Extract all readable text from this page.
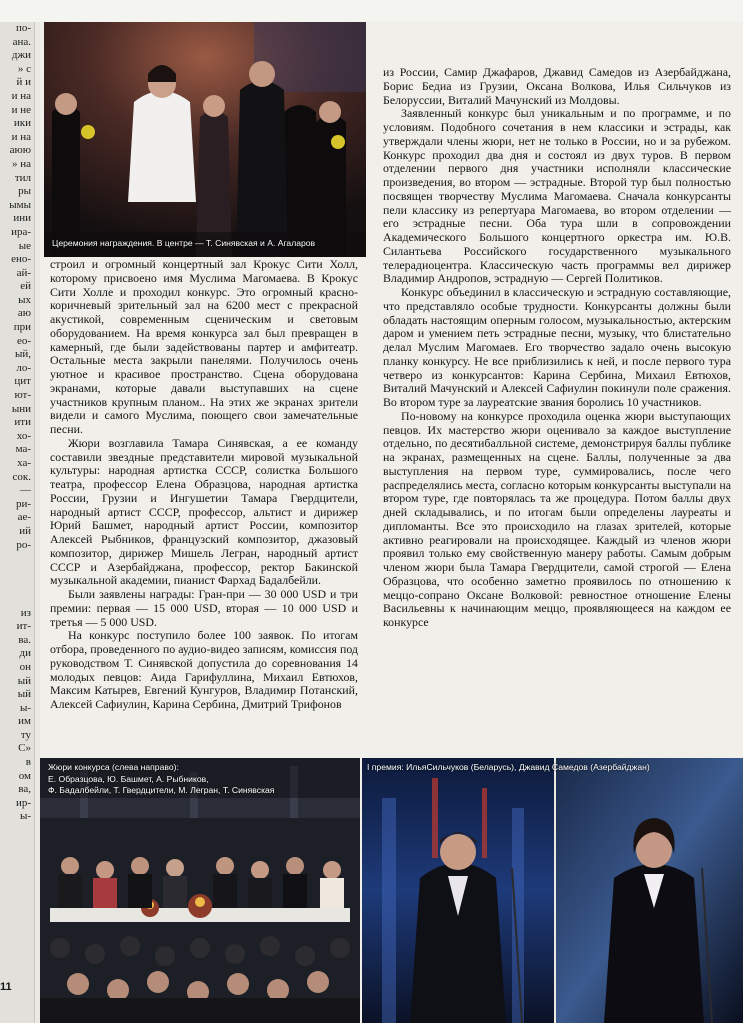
по-
ана.
джи
» с
й и
и на
и не
ики
и на
аюю
» на
тил
ры
ымы
ини
ира-
ые
ено-
ай-
ей
ых
аю
при
ео-
ый,
ло-
цит
ют-
ыни
ити
хо-
ма-
ха-
сок.
—
ри-
ае-
ий
ро-

из
ит-
ва.
ди
он
ый
ый
ы-
им
ту
С»
в
ом
ва,
ир-
ы-
11
Церемония награждения. В центре — Т. Синявская и А. Агаларов

строил и огромный концертный зал Крокус Сити Холл, которому присвоено имя Муслима Магомаева. В Крокус Сити Холле и проходил конкурс. Это огромный красно-коричневый зрительный зал на 6200 мест с прекрасной акустикой, современным сценическим и световым оборудованием. На время конкурса зал был превращен в камерный, где были задействованы партер и амфитеатр. Остальные места закрыли панелями. Получилось очень уютное и красивое пространство. Сцена оборудована экранами, которые давали выступавших на сцене участников крупным планом.. На этих же экранах зрители видели и самого Муслима, поющего свои замечательные песни.

Жюри возглавила Тамара Синявская, а ее команду составили звездные представители мировой музыкальной культуры: народная артистка СССР, солистка Большого театра, профессор Елена Образцова, народная артистка России, Грузии и Ингушетии Тамара Гвердцители, народный артист СССР, профессор, альтист и дирижер Юрий Башмет, народный артист России, композитор Алексей Рыбников, французский композитор, джазовый композитор, дирижер Мишель Легран, народный артист СССР и Азербайджана, профессор, ректор Бакинской музыкальной академии, пианист Фархад Бадалбейли.

Были заявлены награды: Гран-при — 30 000 USD и три премии: первая — 15 000 USD, вторая — 10 000 USD и третья — 5 000 USD.

На конкурс поступило более 100 заявок. По итогам отбора, проведенного по аудио-видео записям, комиссия под руководством Т. Синявской допустила до соревнования 14 молодых певцов: Аида Гарифуллина, Михаил Евтюхов, Максим Катырев, Евгений Кунгуров, Владимир Потанский, Алексей Сафиулин, Карина Сербина, Дмитрий Трифонов

из России, Самир Джафаров, Джавид Самедов из Азербайджана, Борис Бедиа из Грузии, Оксана Волкова, Илья Сильчуков из Белоруссии, Виталий Мачунский из Молдовы.

Заявленный конкурс был уникальным и по программе, и по условиям. Подобного сочетания в нем классики и эстрады, как утверждали члены жюри, нет не только в России, но и за рубежом. Конкурс проходил два дня и состоял из двух туров. В первом отделении первого дня участники исполняли классические произведения, во втором — эстрадные. Второй тур был полностью посвящен творчеству Муслима Магомаева. Сначала конкурсанты пели классику из репертуара Магомаева, во втором отделении — его эстрадные песни. Оба тура шли в сопровождении Академического Большого концертного оркестра им. Ю.В. Силантьева Российского государственного музыкального телерадиоцентра. Классическую часть программы вел дирижер Владимир Андропов, эстрадную — Сергей Политиков.

Конкурс объединил в классическую и эстрадную составляющие, что представляло особые трудности. Конкурсанты должны были обладать настоящим оперным голосом, музыкальностью, актерским даром и умением петь эстрадные песни, музыку, что блистательно делал Муслим Магомаев. Его творчество задало очень высокую планку конкурсу. Не все приблизились к ней, и после первого тура четверо из конкурсантов: Карина Сербина, Михаил Евтюхов, Виталий Мачунский и Алексей Сафиулин покинули поле сражения. Во втором туре за лауреатские звания боролись 10 участников.

По-новому на конкурсе проходила оценка жюри выступающих певцов. Их мастерство жюри оценивало за каждое выступление отдельно, по десятибалльной системе, демонстрируя баллы публике на экранах, размещенных на сцене. Баллы, полученные за два выступления на первом туре, суммировались, после чего распределялись места, согласно которым конкурсанты выступали на втором туре, где повторялась та же процедура. Потом баллы двух дней складывались, и по итогам были определены лауреаты и дипломанты. Все это происходило на глазах зрителей, которые активно реагировали на происходящее. Каждый из членов жюри проявил только ему свойственную манеру работы. Самым добрым членом жюри была Тамара Гвердцители, самой строгой — Елена Образцова, что особенно заметно проявилось по отношению к меццо-сопрано Оксане Волковой: ревностное отношение Елены Васильевны к начинающим меццо, проявляющееся на каждом ее конкурсе

Жюри конкурса (слева направо):
Е. Образцова, Ю. Башмет, А. Рыбников,
Ф. Бадалбейли, Т. Гвердцители, М. Легран, Т. Синявская
I премия: ИльяСильчуков (Беларусь), Джавид Самедов (Азербайджан)
